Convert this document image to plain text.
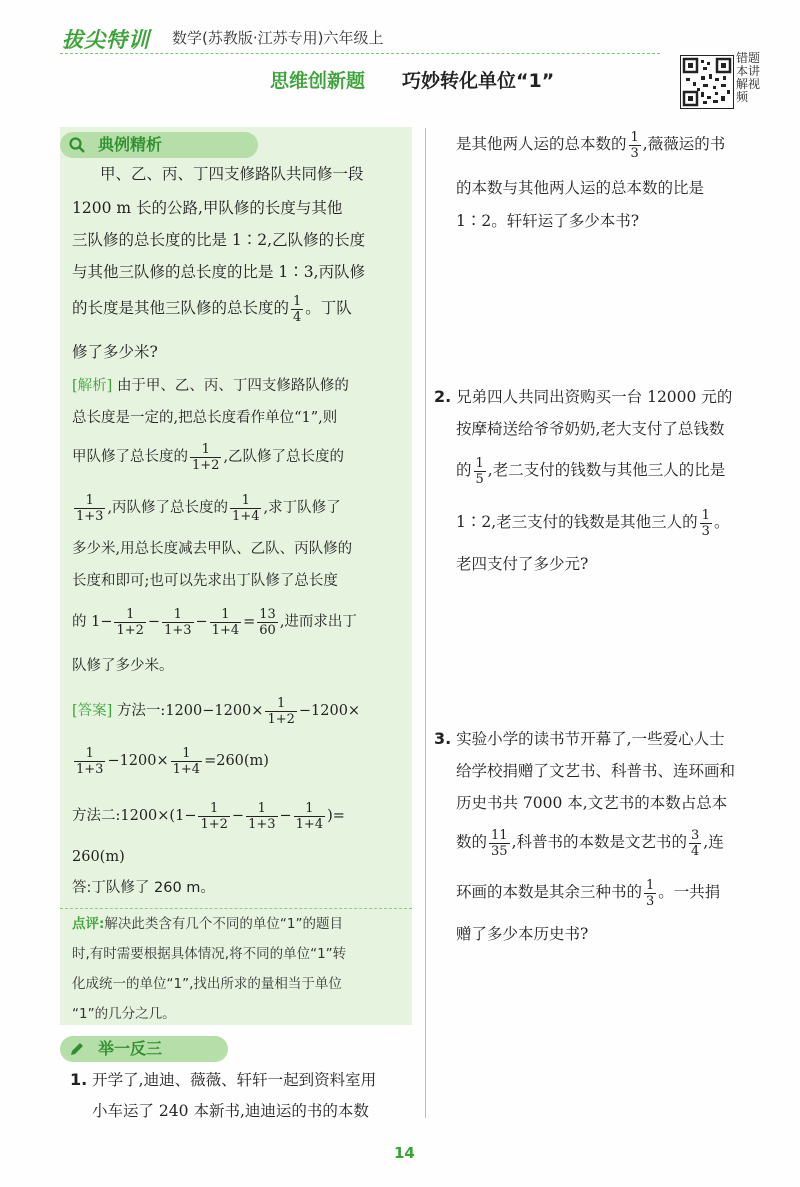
拔尖特训 数学(苏教版·江苏专用)六年级上
思维创新题 巧妙转化单位“1”
错题本讲解视频
典例精析
甲、乙、丙、丁四支修路队共同修一段
1200 m 长的公路,甲队修的长度与其他
三队修的总长度的比是 1∶2,乙队修的长度
与其他三队修的总长度的比是 1∶3,丙队修
的长度是其他三队修的总长度的 $\frac{1}{4}$ 。丁队
修了多少米?
[解析] 由于甲、乙、丙、丁四支修路队修的
总长度是一定的,把总长度看作单位“1”,则
甲队修了总长度的 $\frac{1}{1+2}$ ,乙队修了总长度的
$\frac{1}{1+3}$ ,丙队修了总长度的 $\frac{1}{1+4}$ ,求丁队修了
多少米,用总长度减去甲队、乙队、丙队修的
长度和即可;也可以先求出丁队修了总长度
的 $1- \frac{1}{1+2} - \frac{1}{1+3} - \frac{1}{1+4} = \frac{13}{60}$ ,进而求出丁
队修了多少米。
[答案] 方法一:1200−1200× $\frac{1}{1+2} -1200\times$
$\frac{1}{1+3} -1200\times \frac{1}{1+4} =260(m)$
方法二:1200×(1− $\frac{1}{1+2} - \frac{1}{1+3} - \frac{1}{1+4}$ )=
260(m)
答:丁队修了 260 m。
点评:解决此类含有几个不同的单位“1”的题目
时,有时需要根据具体情况,将不同的单位“1”转
化成统一的单位“1”,找出所求的量相当于单位
“1”的几分之几。
举一反三
1. 开学了,迪迪、薇薇、轩轩一起到资料室用
小车运了 240 本新书,迪迪运的书的本数
是其他两人运的总本数的 $\frac{1}{3}$ ,薇薇运的书
的本数与其他两人运的总本数的比是
1∶2。轩轩运了多少本书?
2. 兄弟四人共同出资购买一台 12000 元的
按摩椅送给爷爷奶奶,老大支付了总钱数
的 $\frac{1}{5}$ ,老二支付的钱数与其他三人的比是
1∶2,老三支付的钱数是其他三人的 $\frac{1}{3}$ 。
老四支付了多少元?
3. 实验小学的读书节开幕了,一些爱心人士
给学校捐赠了文艺书、科普书、连环画和
历史书共 7000 本,文艺书的本数占总本
数的 $\frac{11}{35}$ ,科普书的本数是文艺书的 $\frac{3}{4}$ ,连
环画的本数是其余三种书的 $\frac{1}{3}$ 。一共捐
赠了多少本历史书?
14
